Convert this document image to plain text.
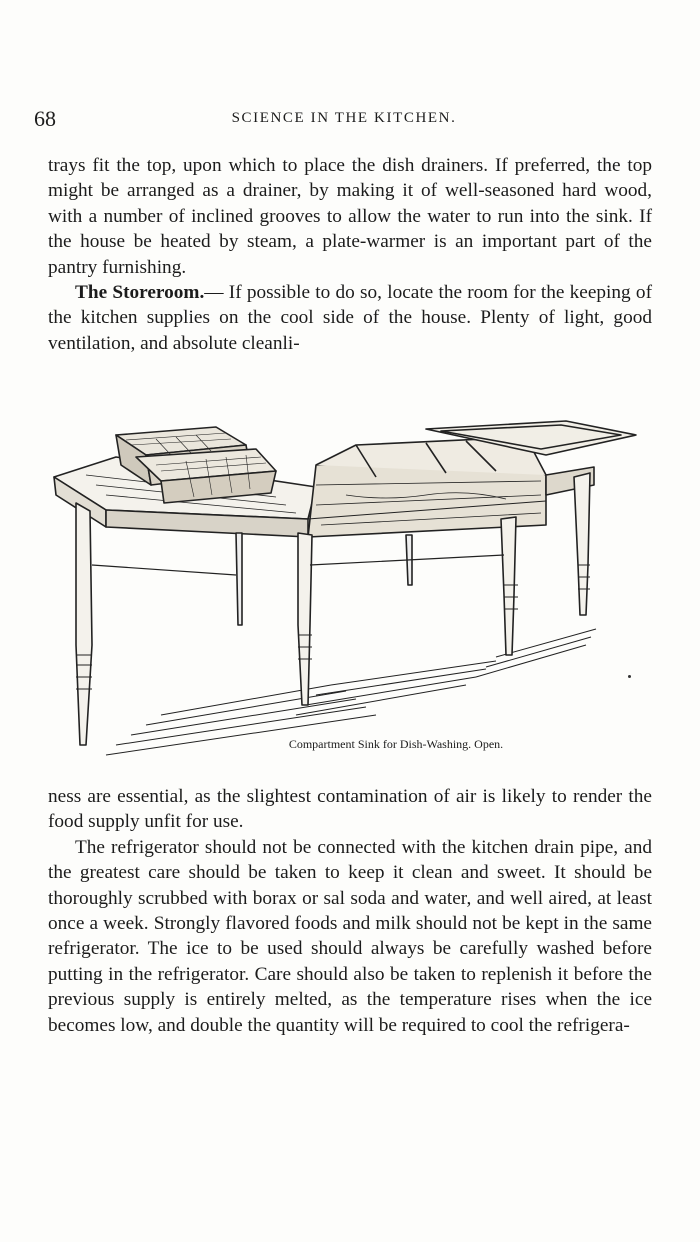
68	SCIENCE IN THE KITCHEN.

trays fit the top, upon which to place the dish drainers. If preferred, the top might be arranged as a drainer, by making it of well-seasoned hard wood, with a number of inclined grooves to allow the water to run into the sink. If the house be heated by steam, a plate-warmer is an important part of the pantry furnishing.

The Storeroom.— If possible to do so, locate the room for the keeping of the kitchen supplies on the cool side of the house. Plenty of light, good ventilation, and absolute cleanli-

Compartment Sink for Dish-Washing. Open.

ness are essential, as the slightest contamination of air is likely to render the food supply unfit for use.

The refrigerator should not be connected with the kitchen drain pipe, and the greatest care should be taken to keep it clean and sweet. It should be thoroughly scrubbed with borax or sal soda and water, and well aired, at least once a week. Strongly flavored foods and milk should not be kept in the same refrigerator. The ice to be used should always be carefully washed before putting in the refrigerator. Care should also be taken to replenish it before the previous supply is entirely melted, as the temperature rises when the ice becomes low, and double the quantity will be required to cool the refrigera-
